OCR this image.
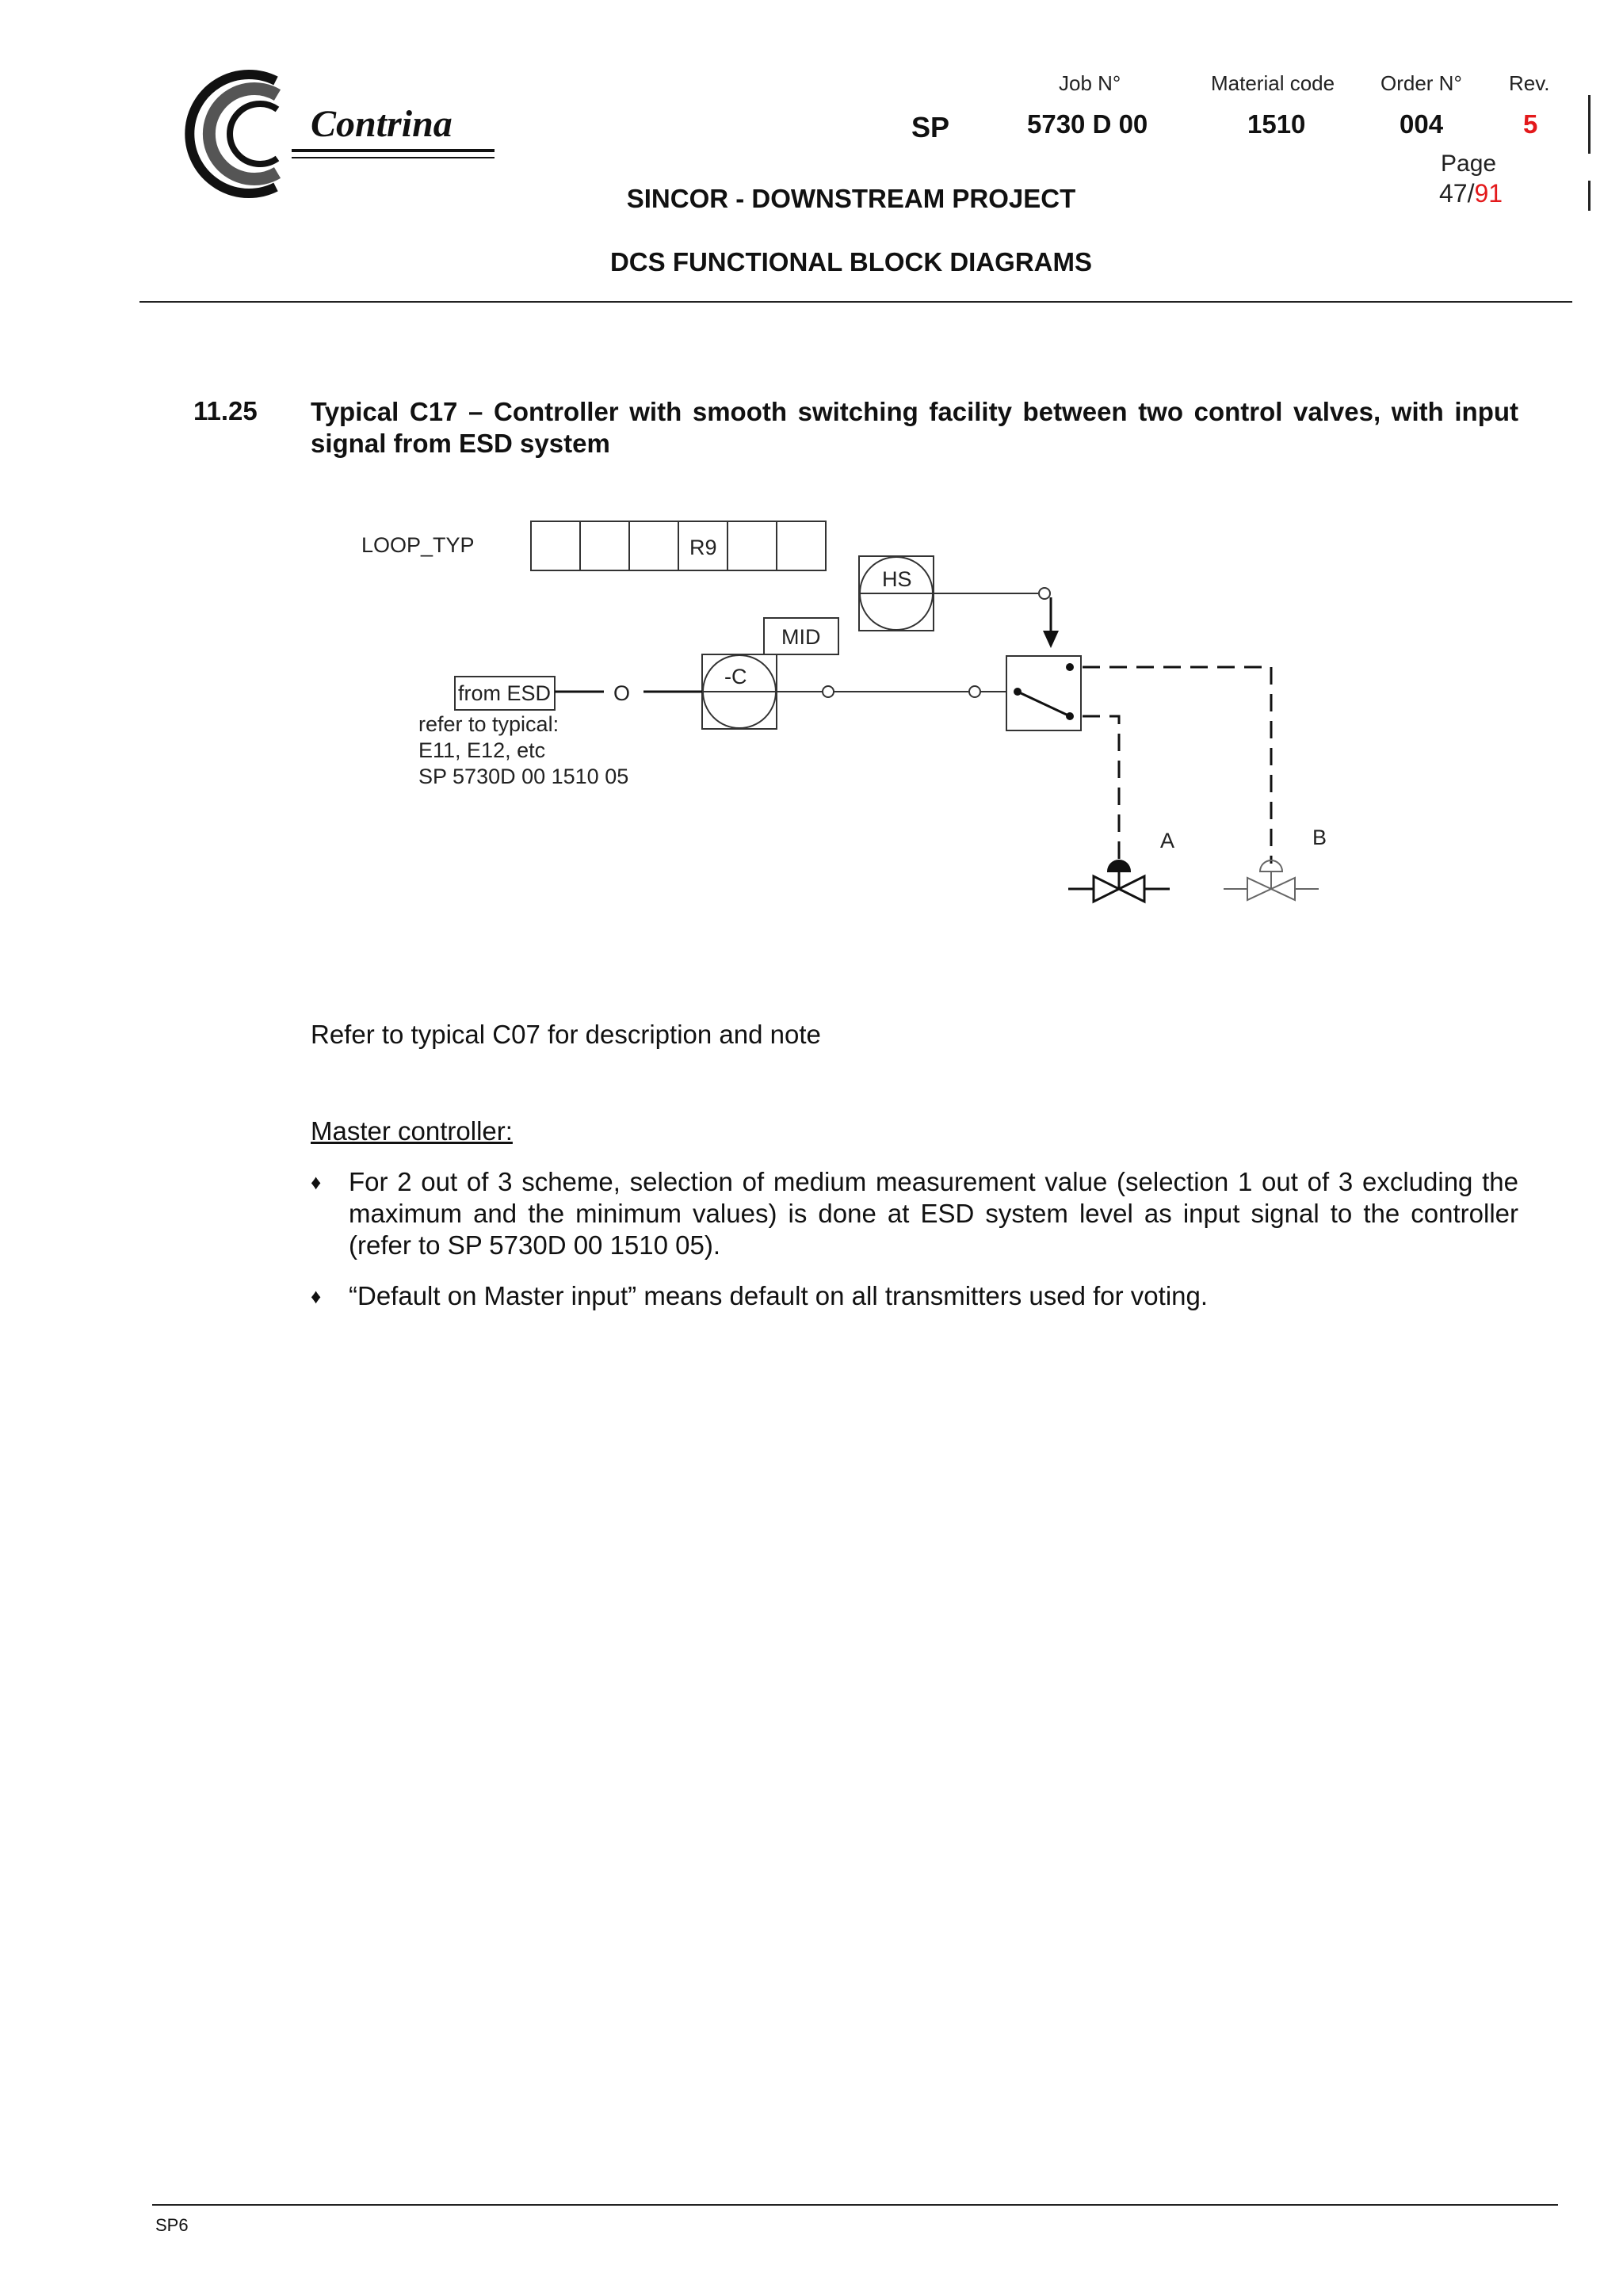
Contrina
Job N°	Material code Order N° Rev.
SP	5730 D 00	1510	004	5
Page
47/91
SINCOR - DOWNSTREAM PROJECT
DCS FUNCTIONAL BLOCK DIAGRAMS
11.25 Typical C17 – Controller with smooth switching facility between two control valves, with input signal from ESD system
LOOP_TYP	R9
HS
MID
-C
from ESD	O
refer to typical:
E11, E12, etc
SP 5730D 00 1510 05
A	B
Refer to typical C07 for description and note
Master controller:
♦ For 2 out of 3 scheme, selection of medium measurement value (selection 1 out of 3 excluding the maximum and the minimum values) is done at ESD system level as input signal to the controller (refer to SP 5730D 00 1510 05).
♦ “Default on Master input” means default on all transmitters used for voting.
SP6
